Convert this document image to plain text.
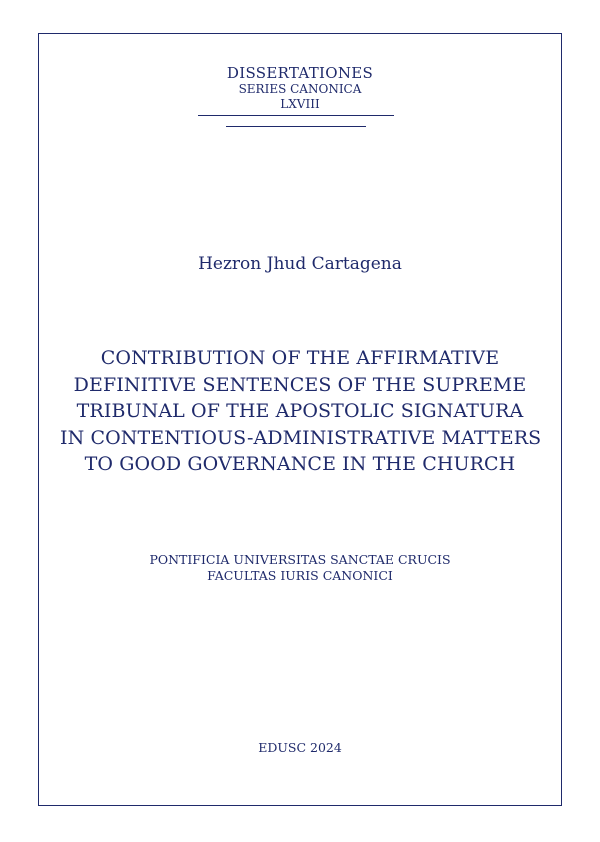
DISSERTATIONES
SERIES CANONICA
LXVIII
Hezron Jhud Cartagena
CONTRIBUTION OF THE AFFIRMATIVE
DEFINITIVE SENTENCES OF THE SUPREME
TRIBUNAL OF THE APOSTOLIC SIGNATURA
IN CONTENTIOUS-ADMINISTRATIVE MATTERS
TO GOOD GOVERNANCE IN THE CHURCH
PONTIFICIA UNIVERSITAS SANCTAE CRUCIS
FACULTAS IURIS CANONICI
EDUSC 2024
